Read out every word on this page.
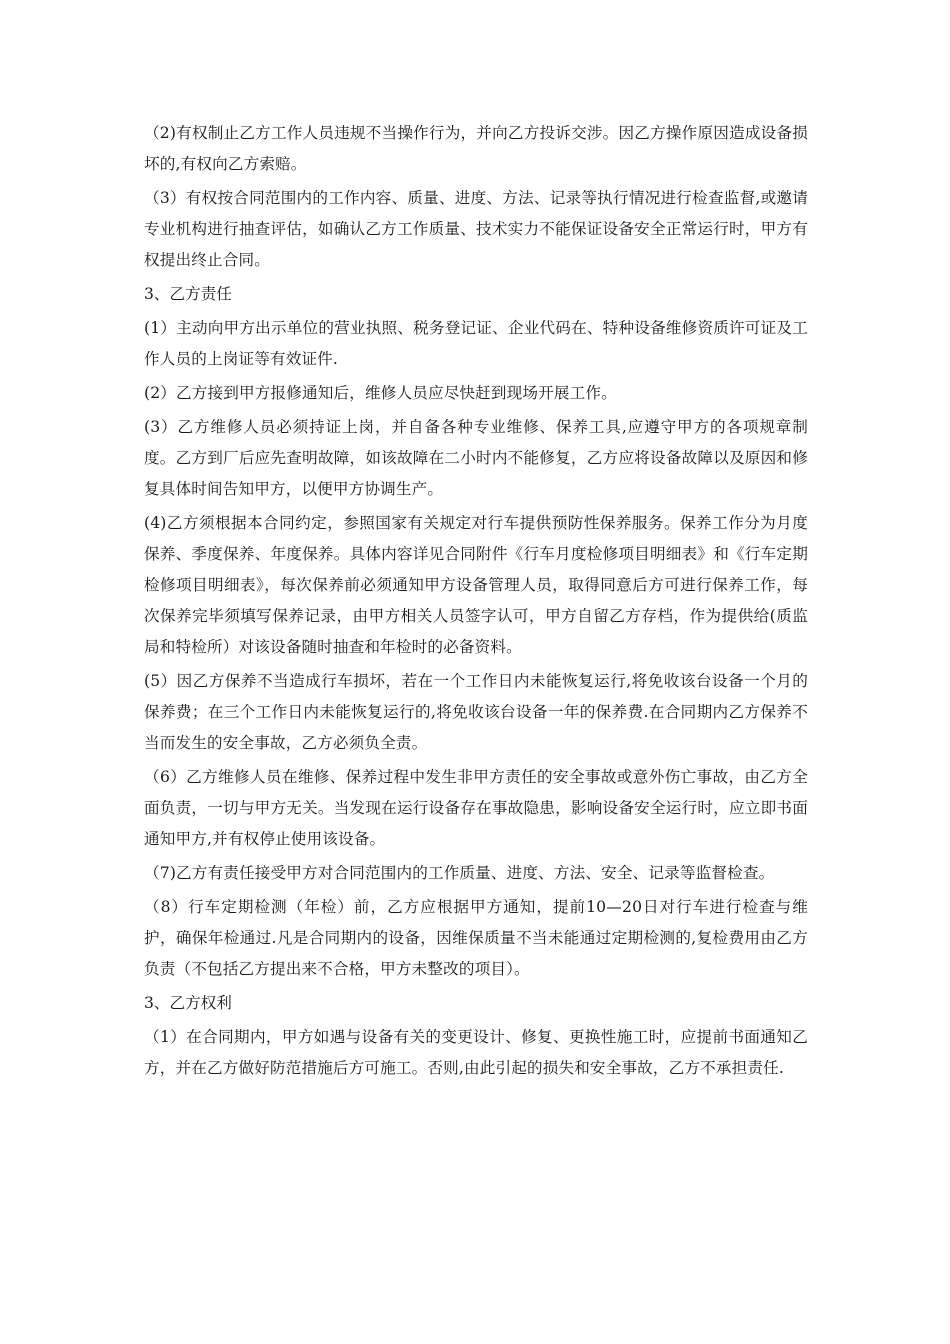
（2)有权制止乙方工作人员违规不当操作行为，并向乙方投诉交涉。因乙方操作原因造成设备损坏的,有权向乙方索赔。

（3）有权按合同范围内的工作内容、质量、进度、方法、记录等执行情况进行检查监督,或邀请专业机构进行抽查评估，如确认乙方工作质量、技术实力不能保证设备安全正常运行时，甲方有权提出终止合同。

3、乙方责任

(1）主动向甲方出示单位的营业执照、税务登记证、企业代码在、特种设备维修资质许可证及工作人员的上岗证等有效证件.

(2）乙方接到甲方报修通知后，维修人员应尽快赶到现场开展工作。

(3）乙方维修人员必须持证上岗，并自备各种专业维修、保养工具,应遵守甲方的各项规章制度。乙方到厂后应先查明故障，如该故障在二小时内不能修复，乙方应将设备故障以及原因和修复具体时间告知甲方，以便甲方协调生产。

(4)乙方须根据本合同约定，参照国家有关规定对行车提供预防性保养服务。保养工作分为月度保养、季度保养、年度保养。具体内容详见合同附件《行车月度检修项目明细表》和《行车定期检修项目明细表》，每次保养前必须通知甲方设备管理人员，取得同意后方可进行保养工作，每次保养完毕须填写保养记录，由甲方相关人员签字认可，甲方自留乙方存档，作为提供给(质监局和特检所）对该设备随时抽查和年检时的必备资料。

(5）因乙方保养不当造成行车损坏，若在一个工作日内未能恢复运行,将免收该台设备一个月的保养费；在三个工作日内未能恢复运行的,将免收该台设备一年的保养费.在合同期内乙方保养不当而发生的安全事故，乙方必须负全责。

（6）乙方维修人员在维修、保养过程中发生非甲方责任的安全事故或意外伤亡事故，由乙方全面负责，一切与甲方无关。当发现在运行设备存在事故隐患，影响设备安全运行时，应立即书面通知甲方,并有权停止使用该设备。

（7)乙方有责任接受甲方对合同范围内的工作质量、进度、方法、安全、记录等监督检查。

（8）行车定期检测（年检）前，乙方应根据甲方通知，提前10—20日对行车进行检查与维护，确保年检通过.凡是合同期内的设备，因维保质量不当未能通过定期检测的,复检费用由乙方负责（不包括乙方提出来不合格，甲方未整改的项目）。

3、乙方权利

（1）在合同期内，甲方如遇与设备有关的变更设计、修复、更换性施工时，应提前书面通知乙方，并在乙方做好防范措施后方可施工。否则,由此引起的损失和安全事故，乙方不承担责任.
